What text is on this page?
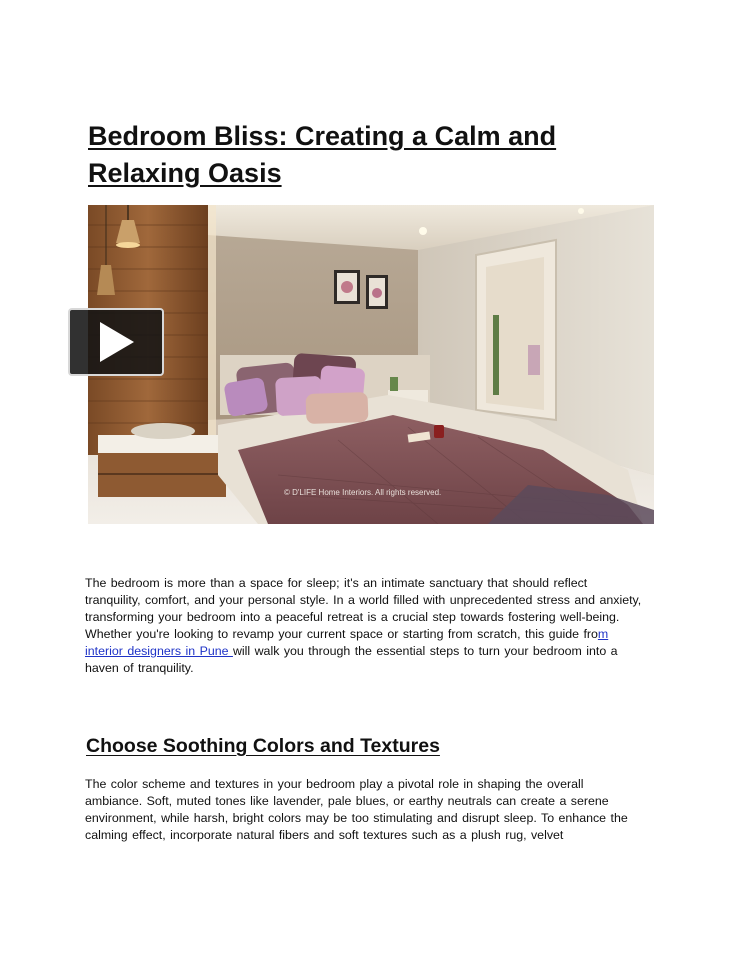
Bedroom Bliss: Creating a Calm and Relaxing Oasis
© D'LIFE Home Interiors. All rights reserved.

The bedroom is more than a space for sleep; it's an intimate sanctuary that should reflect tranquility, comfort, and your personal style. In a world filled with unprecedented stress and anxiety, transforming your bedroom into a peaceful retreat is a crucial step towards fostering well-being. Whether you're looking to revamp your current space or starting from scratch, this guide from interior designers in Pune will walk you through the essential steps to turn your bedroom into a haven of tranquility.

Choose Soothing Colors and Textures

The color scheme and textures in your bedroom play a pivotal role in shaping the overall ambiance. Soft, muted tones like lavender, pale blues, or earthy neutrals can create a serene environment, while harsh, bright colors may be too stimulating and disrupt sleep. To enhance the calming effect, incorporate natural fibers and soft textures such as a plush rug, velvet
